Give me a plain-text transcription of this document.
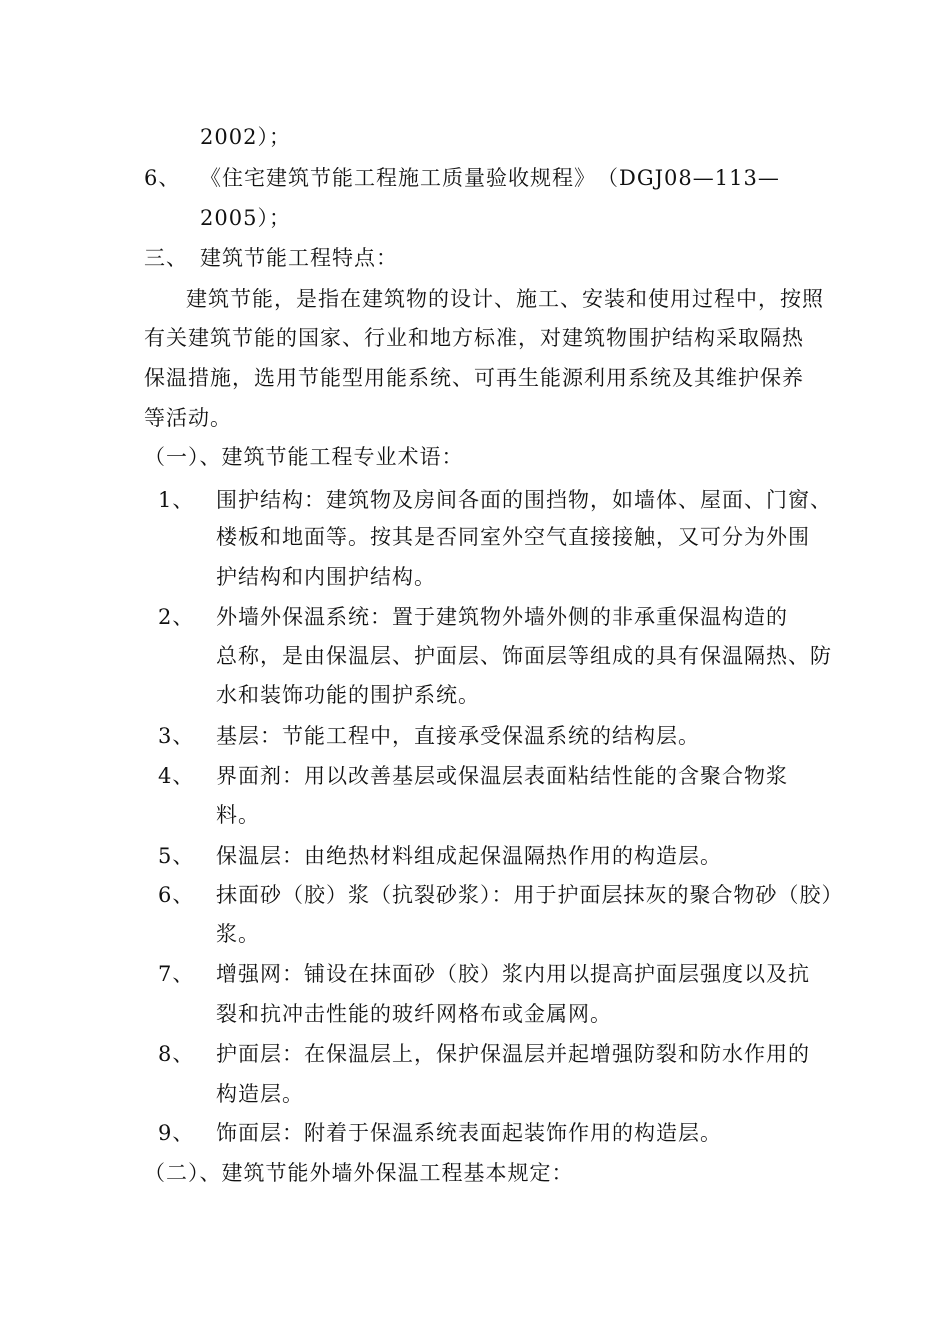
2002）；
6、 《住宅建筑节能工程施工质量验收规程》　（DGJ08—113—
2005）；
三、 建筑节能工程特点：
建筑节能，是指在建筑物的设计、施工、安装和使用过程中，按照
有关建筑节能的国家、行业和地方标准，对建筑物围护结构采取隔热
保温措施，选用节能型用能系统、可再生能源利用系统及其维护保养
等活动。
（一）、建筑节能工程专业术语：
1、 围护结构：建筑物及房间各面的围挡物，如墙体、屋面、门窗、
楼板和地面等。按其是否同室外空气直接接触，又可分为外围
护结构和内围护结构。
2、 外墙外保温系统：置于建筑物外墙外侧的非承重保温构造的
总称，是由保温层、护面层、饰面层等组成的具有保温隔热、防
水和装饰功能的围护系统。
3、 基层：节能工程中，直接承受保温系统的结构层。
4、 界面剂：用以改善基层或保温层表面粘结性能的含聚合物浆
料。
5、 保温层：由绝热材料组成起保温隔热作用的构造层。
6、 抹面砂（胶）浆（抗裂砂浆）：用于护面层抹灰的聚合物砂（胶）
浆。
7、 增强网：铺设在抹面砂（胶）浆内用以提高护面层强度以及抗
裂和抗冲击性能的玻纤网格布或金属网。
8、 护面层：在保温层上，保护保温层并起增强防裂和防水作用的
构造层。
9、 饰面层：附着于保温系统表面起装饰作用的构造层。
（二）、建筑节能外墙外保温工程基本规定：
